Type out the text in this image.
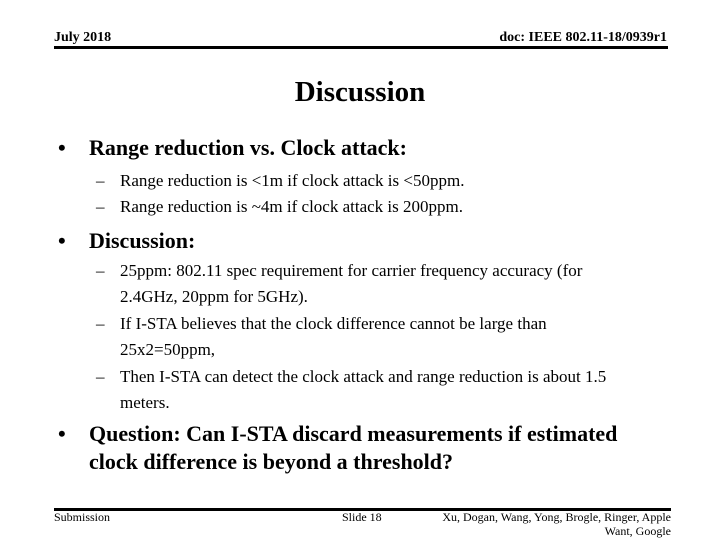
July 2018	doc: IEEE 802.11-18/0939r1
Discussion
• Range reduction vs. Clock attack:
– Range reduction is <1m if clock attack is <50ppm.
– Range reduction is ~4m if clock attack is 200ppm.
• Discussion:
– 25ppm: 802.11 spec requirement for carrier frequency accuracy (for 2.4GHz, 20ppm for 5GHz).
– If I-STA believes that the clock difference cannot be large than 25x2=50ppm,
– Then I-STA can detect the clock attack and range reduction is about 1.5 meters.
• Question: Can I-STA discard measurements if estimated clock difference is beyond a threshold?
Submission	Slide 18	Xu, Dogan, Wang, Yong, Brogle, Ringer, Apple
Want, Google
